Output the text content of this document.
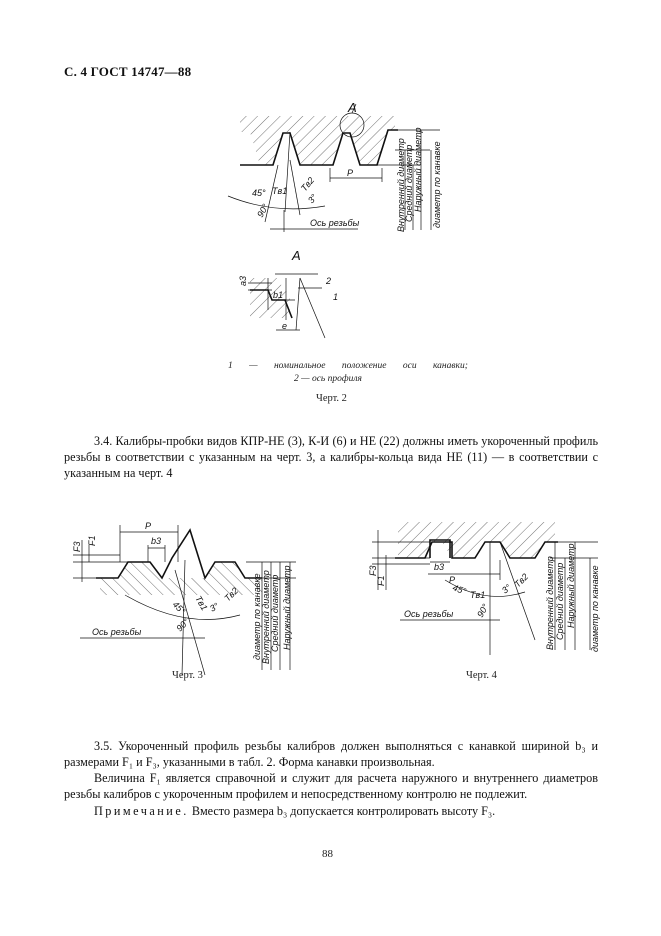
С. 4 ГОСТ 14747—88
A
P
Tв1 Tв2
45°	3°
90°
Ось резьбы	Внутренний диаметр
Средний диаметр Наружный диаметр диаметр по канавке
A
a3
b1
e
1
2
1 — номинальное положение оси канавки;
2 — ось профиля
Черт. 2

3.4. Калибры-пробки видов КПР-НЕ (3), К-И (6) и НЕ (22) должны иметь укороченный профиль резьбы в соответствии с указанным на черт. 3, а калибры-кольца вида НЕ (11) — в соответствии с указанным на черт. 4

P
b3
F3
F1
Tв1 Tв2
45° 3°
90°
Ось резьбы	диаметр по канавке Внутренний диаметр Средний диаметр Наружный диаметр	P
b3
F3
F1
Tв1
Tв2
45°	3°
90°
Ось резьбы	Внутренний диаметр Средний диаметр Наружный диаметр диаметр по канавке
Черт. 3	Черт. 4

3.5. Укороченный профиль резьбы калибров должен выполняться с канавкой шириной b₃ и размерами F₁ и F₃, указанными в табл. 2. Форма канавки произвольная.

Величина F₁ является справочной и служит для расчета наружного и внутреннего диаметров резьбы калибров с укороченным профилем и непосредственному контролю не подлежит.

Примечание. Вместо размера b₃ допускается контролировать высоту F₃.

88
